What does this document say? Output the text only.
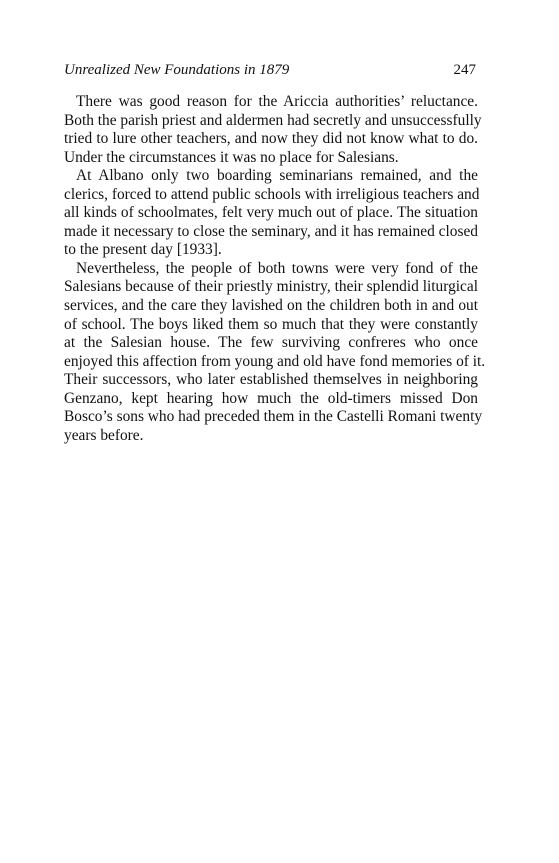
Unrealized New Foundations in 1879	247
There was good reason for the Ariccia authorities’ reluctance.
Both the parish priest and aldermen had secretly and unsuccessfully
tried to lure other teachers, and now they did not know what to do.
Under the circumstances it was no place for Salesians.
At Albano only two boarding seminarians remained, and the
clerics, forced to attend public schools with irreligious teachers and
all kinds of schoolmates, felt very much out of place. The situation
made it necessary to close the seminary, and it has remained closed
to the present day [1933].
Nevertheless, the people of both towns were very fond of the
Salesians because of their priestly ministry, their splendid liturgical
services, and the care they lavished on the children both in and out
of school. The boys liked them so much that they were constantly
at the Salesian house. The few surviving confreres who once
enjoyed this affection from young and old have fond memories of it.
Their successors, who later established themselves in neighboring
Genzano, kept hearing how much the old-timers missed Don
Bosco’s sons who had preceded them in the Castelli Romani twenty
years before.
